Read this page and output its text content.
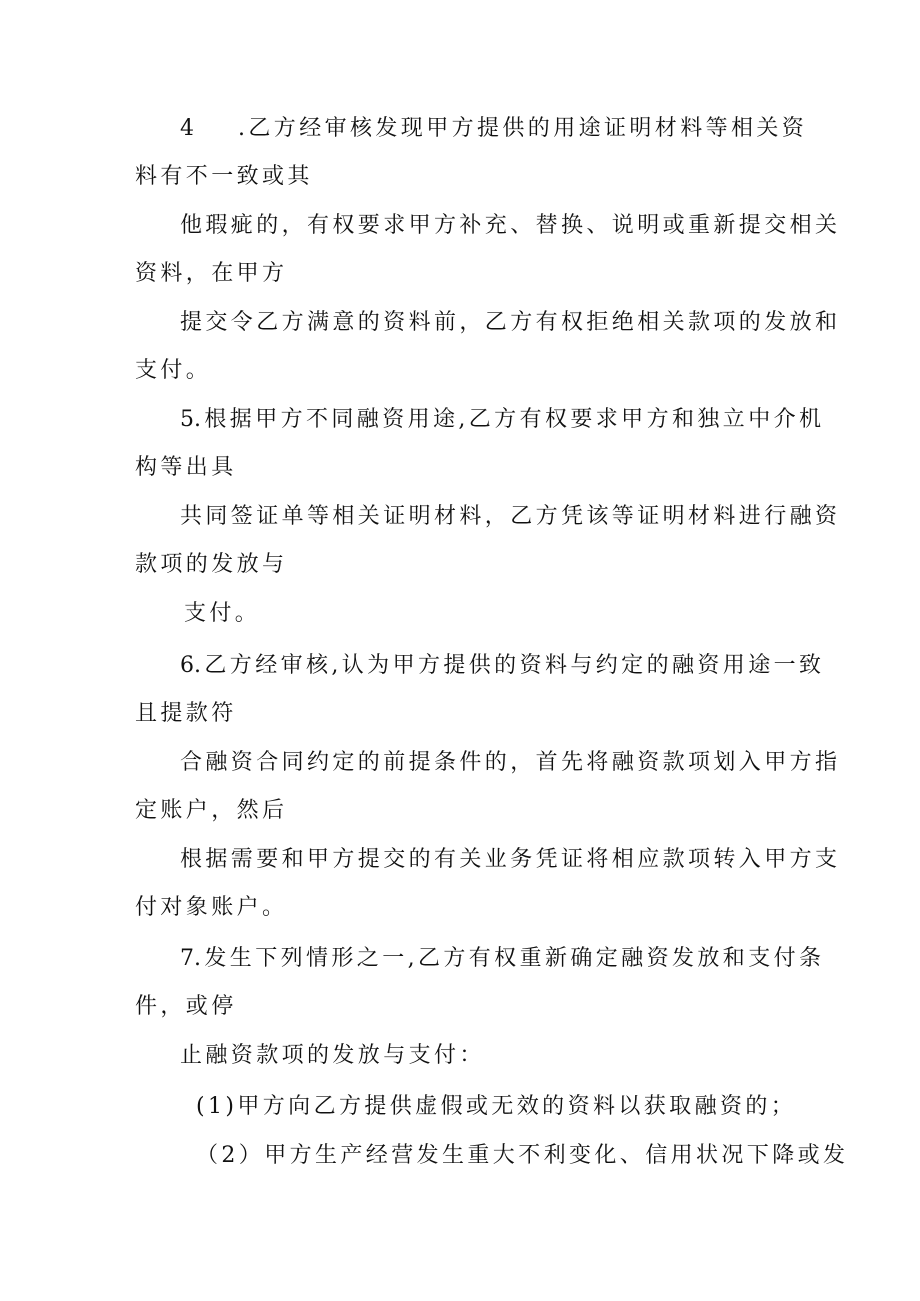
4 .乙方经审核发现甲方提供的用途证明材料等相关资
料有不一致或其
他瑕疵的，有权要求甲方补充、替换、说明或重新提交相关
资料，在甲方
提交令乙方满意的资料前，乙方有权拒绝相关款项的发放和
支付。
5.根据甲方不同融资用途,乙方有权要求甲方和独立中介机
构等出具
共同签证单等相关证明材料，乙方凭该等证明材料进行融资
款项的发放与
支付。
6.乙方经审核,认为甲方提供的资料与约定的融资用途一致
且提款符
合融资合同约定的前提条件的，首先将融资款项划入甲方指
定账户，然后
根据需要和甲方提交的有关业务凭证将相应款项转入甲方支
付对象账户。
7.发生下列情形之一,乙方有权重新确定融资发放和支付条
件，或停
止融资款项的发放与支付：
(1)甲方向乙方提供虚假或无效的资料以获取融资的；
（2）甲方生产经营发生重大不利变化、信用状况下降或发
